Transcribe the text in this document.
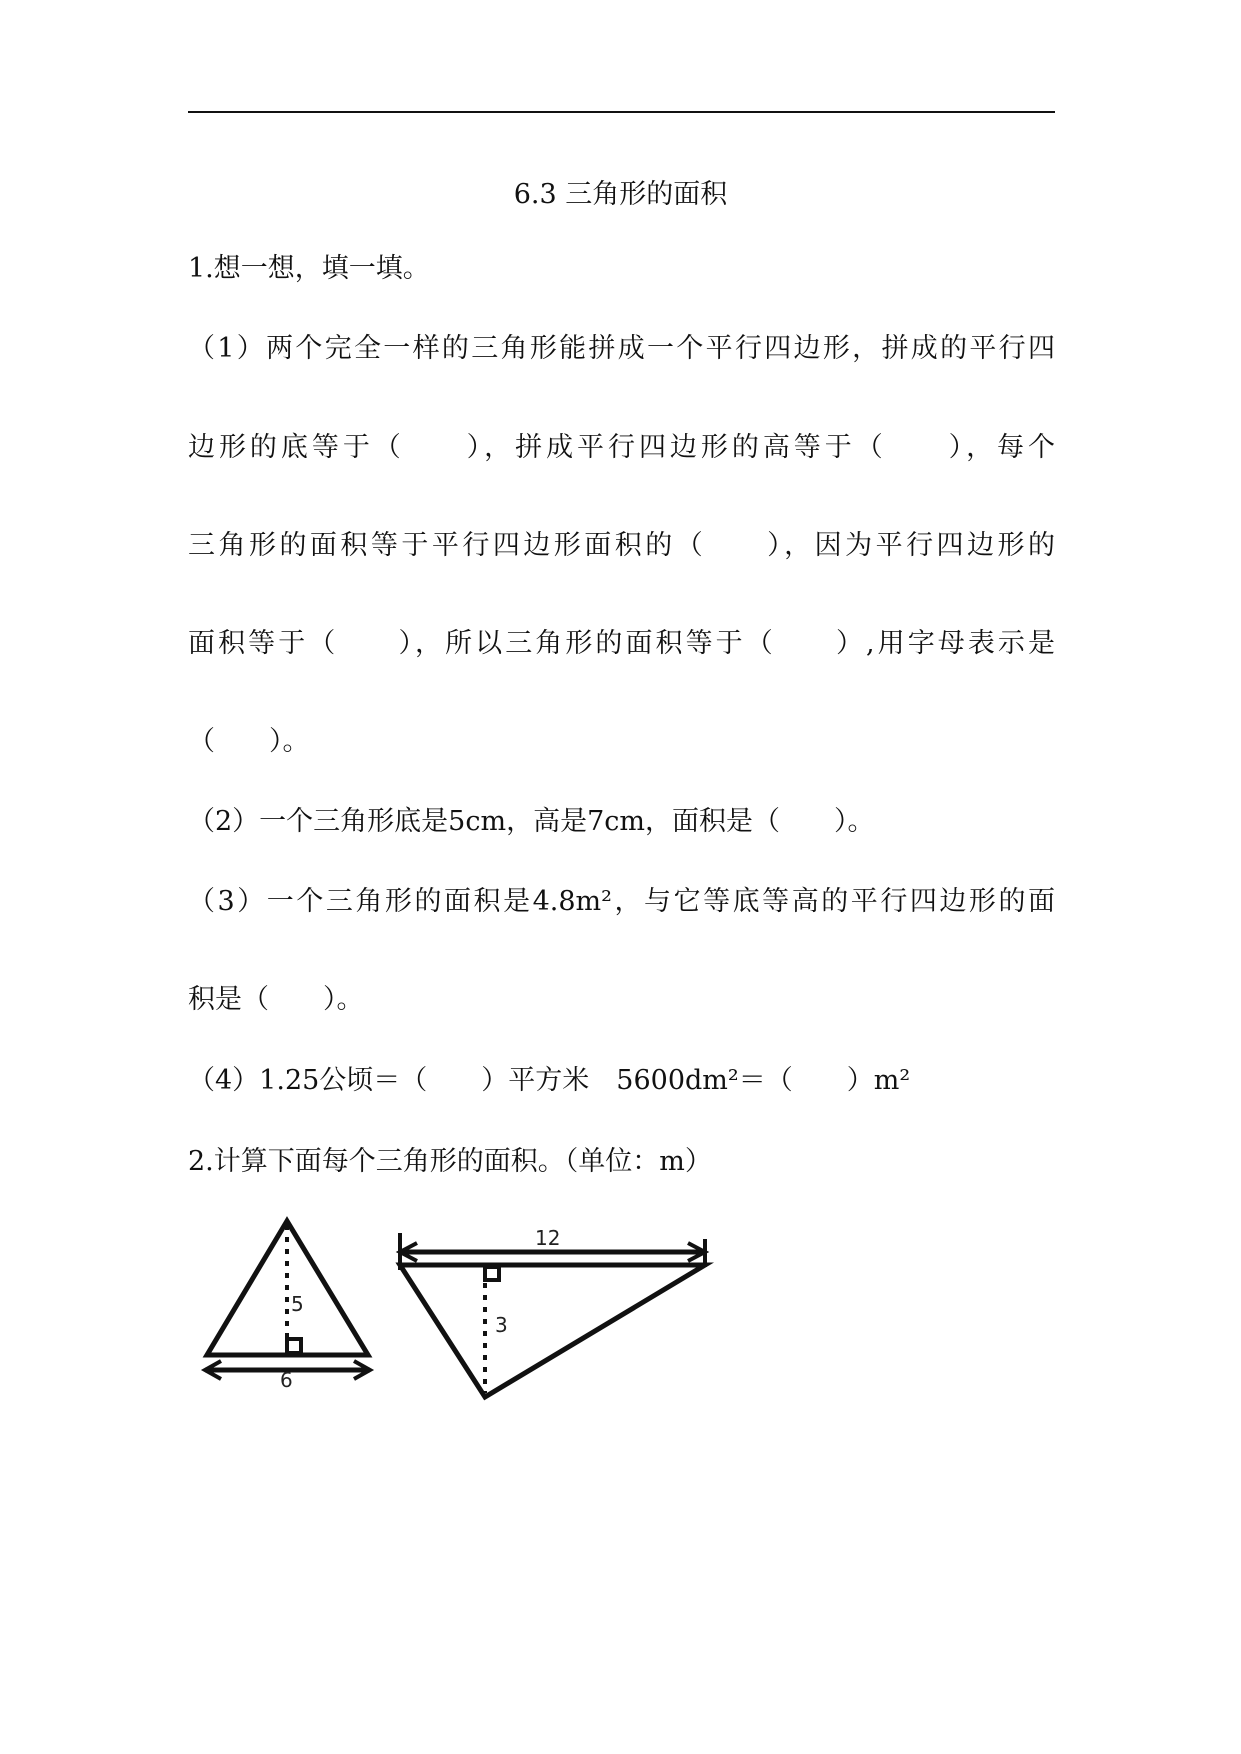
6.3 三角形的面积
1.想一想，填一填。
（1）两个完全一样的三角形能拼成一个平行四边形，拼成的平行四
边形的底等于（　　），拼成平行四边形的高等于（　　），每个
三角形的面积等于平行四边形面积的（　　），因为平行四边形的
面积等于（　　），所以三角形的面积等于（　　）,用字母表示是
（　　）。
（2）一个三角形底是5cm，高是7cm，面积是（　　）。
（3）一个三角形的面积是4.8m²，与它等底等高的平行四边形的面
积是（　　）。
（4）1.25公顷＝（　　）平方米　5600dm²＝（　　）m²
2.计算下面每个三角形的面积。（单位：m）
5
6
12
3
